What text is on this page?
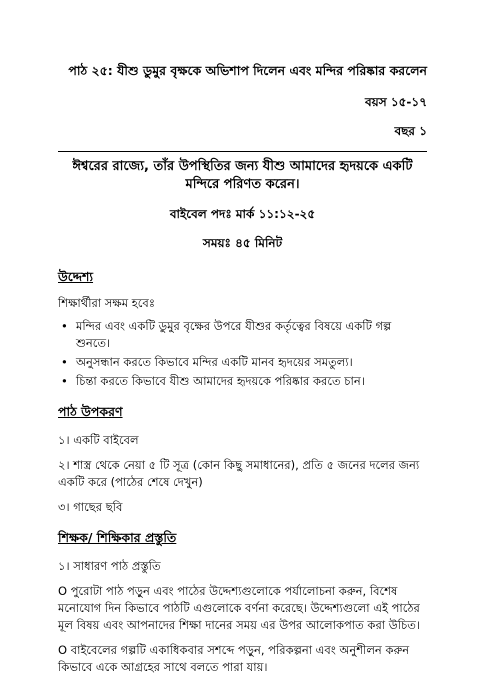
পাঠ ২৫: যীশু ডুমুর বৃক্ষকে অভিশাপ দিলেন এবং মন্দির পরিষ্কার করলেন
বয়স ১৫-১৭
বছর ১
ঈশ্বরের রাজ্যে, তাঁর উপস্থিতির জন্য যীশু আমাদের হৃদয়কে একটি মন্দিরে পরিণত করেন।
বাইবেল পদঃ মার্ক ১১:১২-২৫
সময়ঃ ৪৫ মিনিট
উদ্দেশ্য
শিক্ষার্থীরা সক্ষম হবেঃ
• মন্দির এবং একটি ডুমুর বৃক্ষের উপরে যীশুর কর্তৃত্বের বিষয়ে একটি গল্প শুনতে।
• অনুসন্ধান করতে কিভাবে মন্দির একটি মানব হৃদয়ের সমতুল্য।
• চিন্তা করতে কিভাবে যীশু আমাদের হৃদয়কে পরিষ্কার করতে চান।
পাঠ উপকরণ
১। একটি বাইবেল
২। শাস্ত্র থেকে নেয়া ৫ টি সূত্র (কোন কিছু সমাধানের), প্রতি ৫ জনের দলের জন্য একটি করে (পাঠের শেষে দেখুন)
৩। গাছের ছবি
শিক্ষক/ শিক্ষিকার প্রস্তুতি
১। সাধারণ পাঠ প্রস্তুতি
O পুরোটা পাঠ পড়ুন এবং পাঠের উদ্দেশ্যগুলোকে পর্যালোচনা করুন, বিশেষ মনোযোগ দিন কিভাবে পাঠটি এগুলোকে বর্ণনা করেছে। উদ্দেশ্যগুলো এই পাঠের মূল বিষয় এবং আপনাদের শিক্ষা দানের সময় এর উপর আলোকপাত করা উচিত।
O বাইবেলের গল্পটি একাধিকবার সশব্দে পড়ুন, পরিকল্পনা এবং অনুশীলন করুন কিভাবে একে আগ্রহের সাথে বলতে পারা যায়।
